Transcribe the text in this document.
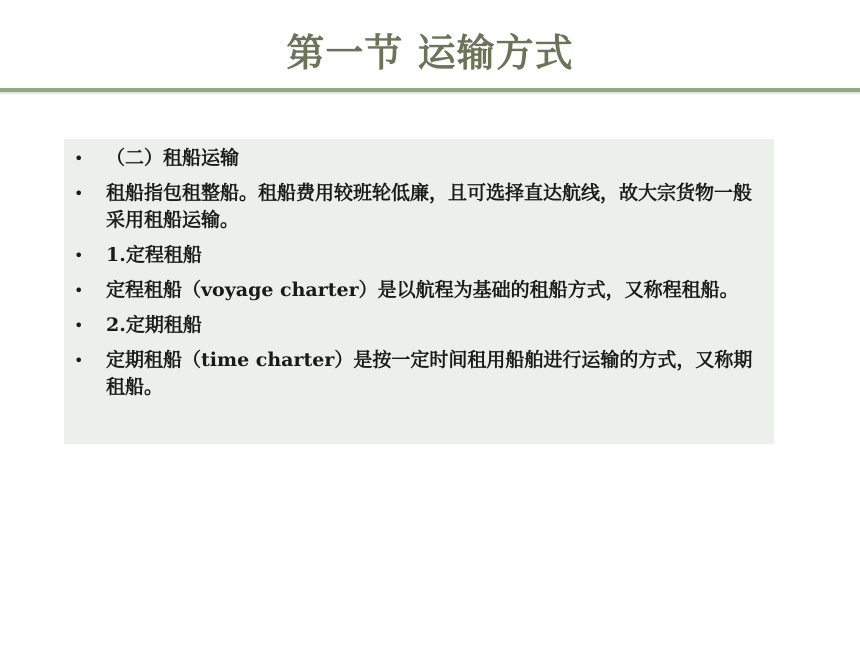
第一节 运输方式
• （二）租船运输
• 租船指包租整船。租船费用较班轮低廉，且可选择直达航线，故大宗货物一般采用租船运输。
• 1.定程租船
• 定程租船（voyage charter）是以航程为基础的租船方式，又称程租船。
• 2.定期租船
• 定期租船（time charter）是按一定时间租用船舶进行运输的方式，又称期租船。
